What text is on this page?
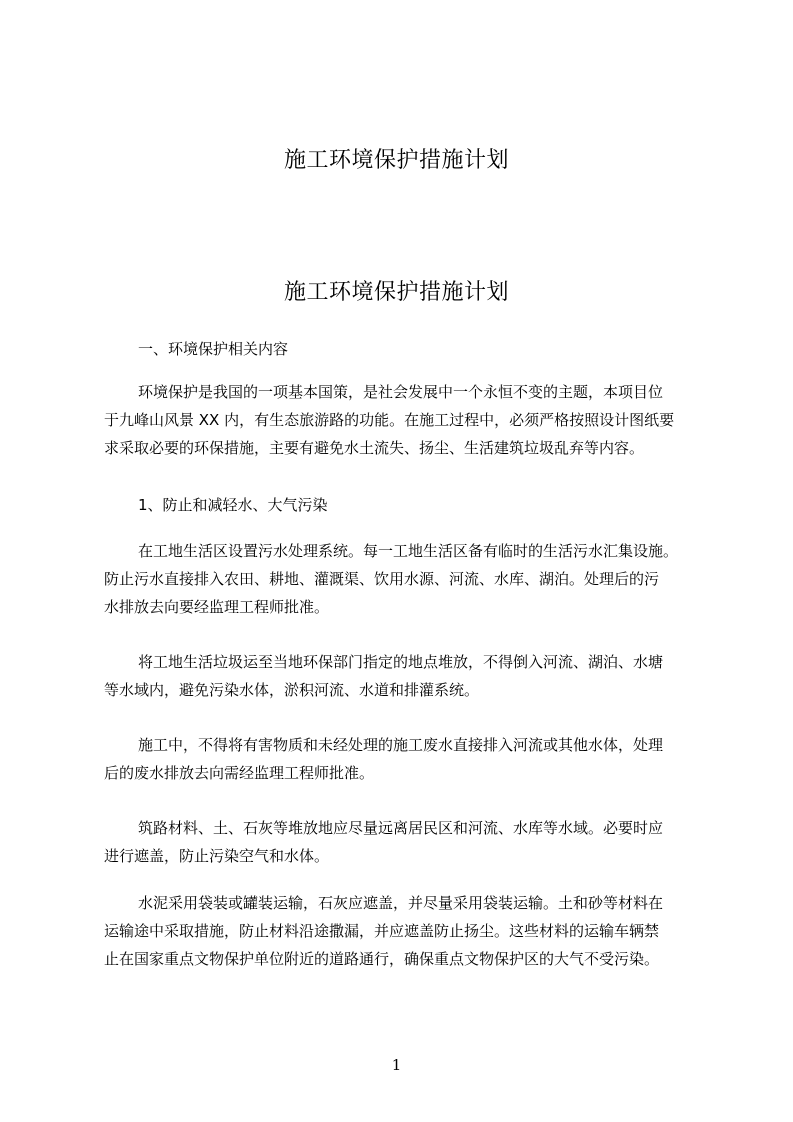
施工环境保护措施计划
施工环境保护措施计划

一、环境保护相关内容

环境保护是我国的一项基本国策，是社会发展中一个永恒不变的主题，本项目位
于九峰山风景 XX 内，有生态旅游路的功能。在施工过程中，必须严格按照设计图纸要
求采取必要的环保措施，主要有避免水土流失、扬尘、生活建筑垃圾乱弃等内容。

1、防止和减轻水、大气污染

在工地生活区设置污水处理系统。每一工地生活区备有临时的生活污水汇集设施。
防止污水直接排入农田、耕地、灌溉渠、饮用水源、河流、水库、湖泊。处理后的污
水排放去向要经监理工程师批准。
将工地生活垃圾运至当地环保部门指定的地点堆放，不得倒入河流、湖泊、水塘
等水域内，避免污染水体，淤积河流、水道和排灌系统。
施工中，不得将有害物质和未经处理的施工废水直接排入河流或其他水体，处理
后的废水排放去向需经监理工程师批准。
筑路材料、土、石灰等堆放地应尽量远离居民区和河流、水库等水域。必要时应
进行遮盖，防止污染空气和水体。
水泥采用袋装或罐装运输，石灰应遮盖，并尽量采用袋装运输。土和砂等材料在
运输途中采取措施，防止材料沿途撒漏，并应遮盖防止扬尘。这些材料的运输车辆禁
止在国家重点文物保护单位附近的道路通行，确保重点文物保护区的大气不受污染。

1
